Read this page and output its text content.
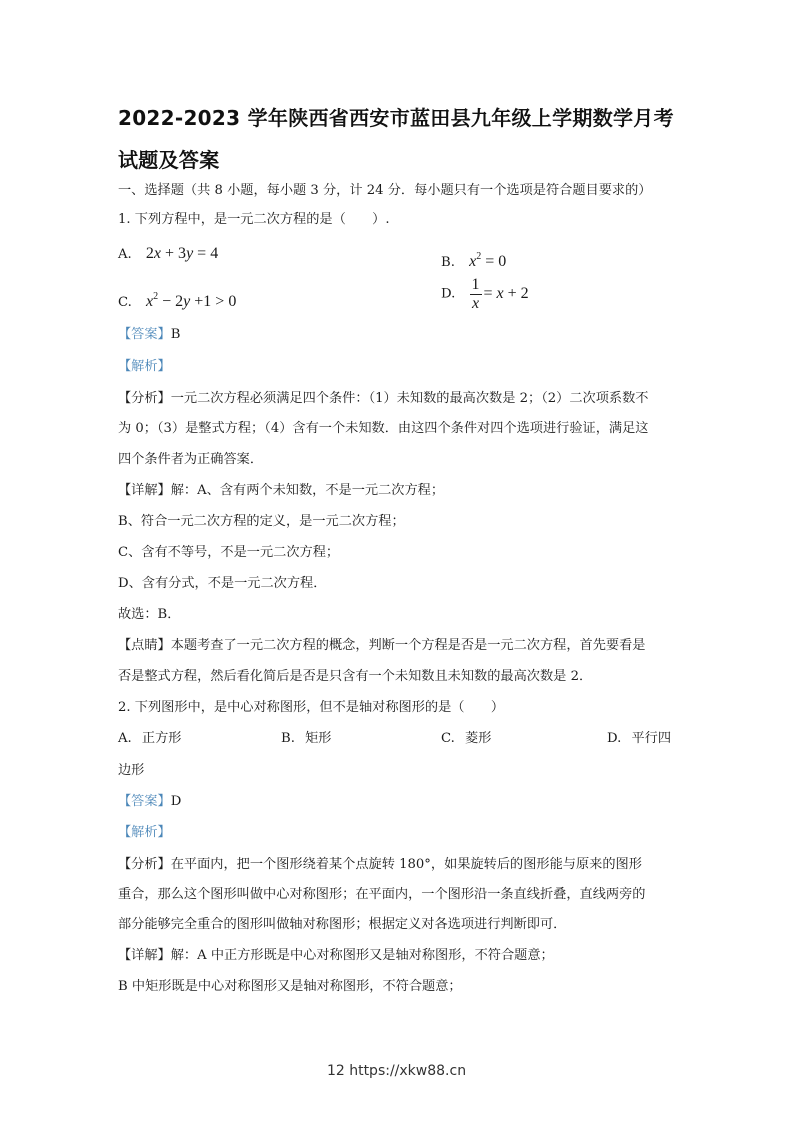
2022-2023 学年陕西省西安市蓝田县九年级上学期数学月考
试题及答案
一、选择题（共 8 小题，每小题 3 分，计 24 分．每小题只有一个选项是符合题目要求的）
1. 下列方程中，是一元二次方程的是（　　）.
A. 2x + 3y = 4
B. $x^2 = 0$
C. $x^2 - 2y +1 > 0$	D. $\frac{1}{x} = x + 2$
【答案】B
【解析】
【分析】一元二次方程必须满足四个条件：（1）未知数的最高次数是 2；（2）二次项系数不
为 0；（3）是整式方程；（4）含有一个未知数．由这四个条件对四个选项进行验证，满足这
四个条件者为正确答案．
【详解】解：A、含有两个未知数，不是一元二次方程；
B、符合一元二次方程的定义，是一元二次方程；
C、含有不等号，不是一元二次方程；
D、含有分式，不是一元二次方程．
故选：B．
【点睛】本题考查了一元二次方程的概念，判断一个方程是否是一元二次方程，首先要看是
否是整式方程，然后看化简后是否是只含有一个未知数且未知数的最高次数是 2．
2. 下列图形中，是中心对称图形，但不是轴对称图形的是（　　）
A. 正方形	B. 矩形	C. 菱形	D. 平行四
边形
【答案】D
【解析】
【分析】在平面内，把一个图形绕着某个点旋转 180°，如果旋转后的图形能与原来的图形
重合，那么这个图形叫做中心对称图形；在平面内，一个图形沿一条直线折叠，直线两旁的
部分能够完全重合的图形叫做轴对称图形；根据定义对各选项进行判断即可．
【详解】解：A 中正方形既是中心对称图形又是轴对称图形，不符合题意；
B 中矩形既是中心对称图形又是轴对称图形，不符合题意；
12 https://xkw88.cn
